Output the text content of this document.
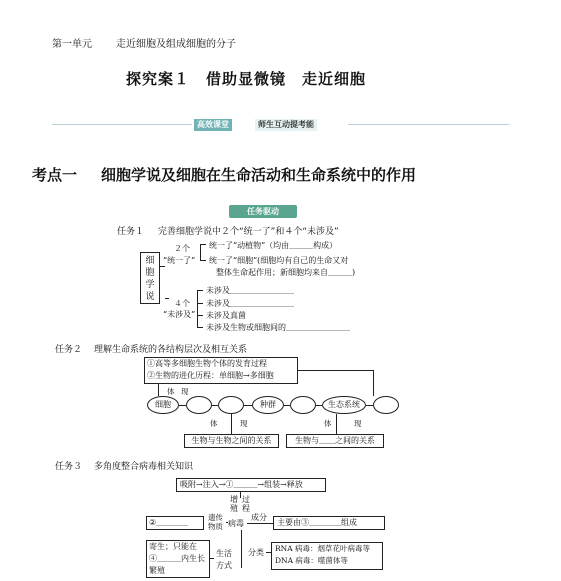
第一单元 走近细胞及组成细胞的分子
探究案１　借助显微镜　走近细胞
高效课堂	师生互动提考能
考点一 细胞学说及细胞在生命活动和生命系统中的作用
任务驱动
任务１ 完善细胞学说中２个“统一了”和４个“未涉及”
细
胞
学
说
２个
“统一了”
统一了“动植物”（均由＿＿＿构成）
统一了“细胞”(细胞均有自己的生命又对
整体生命起作用；新细胞均来自＿＿＿)
４个
“未涉及”
未涉及＿＿＿＿＿＿＿＿
未涉及＿＿＿＿＿＿＿＿
未涉及真菌
未涉及生物或细胞间的＿＿＿＿＿＿＿＿
任务２ 理解生命系统的各结构层次及相互关系
①高等多细胞生物个体的发育过程
②生物的进化历程：单细胞→多细胞
细胞	种群	生态系统
体 现
体	现	体	现
生物与生物之间的关系	生物与＿＿之间的关系
任务３ 多角度整合病毒相关知识
吸附→注入→①＿＿＿→组装→释放
增
殖
过
程
病毒
②＿＿＿＿
遗传
物质
成分
主要由③＿＿＿＿组成
寄生；只能在
④＿＿＿内生长
繁殖
生活
方式
分类 RNA 病毒：烟草花叶病毒等
DNA 病毒：噬菌体等
